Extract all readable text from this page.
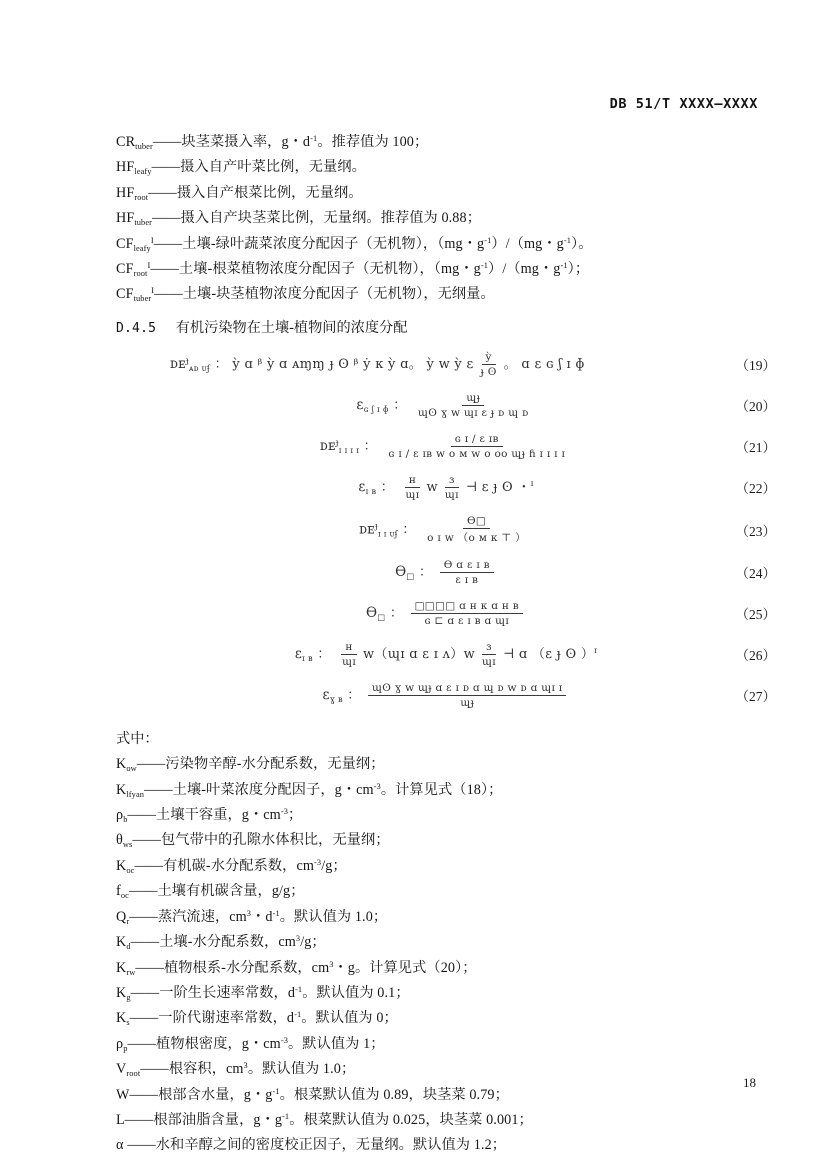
DB 51/T XXXX—XXXX
$CR_{tuber}——$块茎菜摄入率，g・$d^{-1}$。推荐值为 100；
$HF_{leafy}——$摄入自产叶菜比例，无量纲。
$HF_{root}——$摄入自产根菜比例，无量纲。
$HF_{tuber}——$摄入自产块茎菜比例，无量纲。推荐值为 0.88；
$CF_{leafy}^I——$土壤-绿叶蔬菜浓度分配因子（无机物），（mg・$g^{-1})/(mg$・$g^{-1}$）。
$CF_{root}^I——$土壤-根菜植物浓度分配因子（无机物），（mg・$g^{-1})/(mg$・$g^{-1}$）；
$CF_{tuber}^I——$土壤-块茎植物浓度分配因子（无机物），无纲量。
D.4.5 有机污染物在土壤-植物间的浓度分配
ᴅᴇ$^ɟ_{ᴀᴅ ᴜʄ}$ ： ỳ ɑ ᵝ ỳ ɑ ᴀɱɱ ɟ ʘ ᵝ ẏ ᴋ ỳ ɑ。 ỳ ᴡ ỳ ε $\frac{\text{ỳ}}{\text{ɟ ʘ}}$ 。 ɑ ε ɢ ʃ ɪ ɸ	（19）
$\varepsilon_{ɢ ʃ ɪ ɸ}$ ： $\frac{\text{ɰɟ}}{\text{ɰʘ ɣ ᴡ ɰɪ ε ɟ ᴅ ɰ ᴅ}}$	（20）
ᴅᴇ$^ɟ_{ɪ ɪ ɪ ɪ}$ ： $\frac{\text{ɢ ɪ / ε ɪʙ}}{\text{ɢ ɪ / ε ɪʙ ᴡ ᴏ ᴍ ᴡ ᴏ ᴏᴏ ɰɟ ɦ ɪ ɪ ɪ ɪ}}$	（21）
$\varepsilon_{ɪ ʙ}$ ： $\frac{\text{ʜ}}{\text{ɰɪ}}$ ᴡ $\frac{\text{ɜ}}{\text{ɰɪ}}$ ⊣ ε ɟ ʘ ・$^ɪ$	（22）
ᴅᴇ$^ɟ_{ɪ ɪ ᴜʄ}$ ： $\frac{Ө□}{\text{ᴏ ɪ ᴡ （ᴏ ᴍ ᴋ ⊤ ）}}$	（23）
$Ө_□$ ： $\frac{\text{Ө ɑ ε ɪ ʙ}}{\text{ε ɪ ʙ}}$	（24）
$Ө_□$ ： $\frac{\text{□□□□ ɑ ʜ ᴋ ɑ ʜ ʙ}}{\text{ɢ ⊏ ɑ ε ɪ ʙ ɑ ɰɪ}}$	（25）
$\varepsilon_{ɪ ʙ}$ ： $\frac{\text{ʜ}}{\text{ɰɪ}}$ ᴡ（ɰɪ ɑ ε ɪ ʌ）ᴡ $\frac{\text{ɜ}}{\text{ɰɪ}}$ ⊣ ɑ （ε ɟ ʘ ）$^ɪ$	（26）
$\varepsilon_{ɣ ʙ}$ ： $\frac{\text{ɰʘ ɣ ᴡ ɰɟ ɑ ε ɪ ᴅ ɑ ɰ ᴅ ᴡ ᴅ ɑ ɰɪ ɪ}}{\text{ɰɟ}}$	（27）
式中：
$K_{ow}——$污染物辛醇-水分配系数，无量纲；
$K_{lfyan}——$土壤-叶菜浓度分配因子，g・$cm^{-3}$。计算见式（18）；
$\rho_b——$土壤干容重，g・$cm^{-3}$；
$\theta_{ws}——$包气带中的孔隙水体积比，无量纲；
$K_{oc}——$有机碳-水分配系数，$cm^{-3}/g$；
$f_{oc}——$土壤有机碳含量，g/g；
$Q_r——$蒸汽流速，$cm^3$・$d^{-1}$。默认值为 1.0；
$K_d——$土壤-水分配系数，$cm^3/g$；
$K_{rw}——$植物根系-水分配系数，$cm^3$・g。计算见式（20）；
$K_g——$一阶生长速率常数，$d^{-1}$。默认值为 0.1；
$K_s——$一阶代谢速率常数，$d^{-1}$。默认值为 0；
$\rho_p——$植物根密度，g・$cm^{-3}$。默认值为 1；
$V_{root}——$根容积，$cm^3$。默认值为 1.0；
W——根部含水量，g・$g^{-1}$。根菜默认值为 0.89，块茎菜 0.79；
L——根部油脂含量，g・$g^{-1}$。根菜默认值为 0.025，块茎菜 0.001；
α ——水和辛醇之间的密度校正因子，无量纲。默认值为 1.2；
18
